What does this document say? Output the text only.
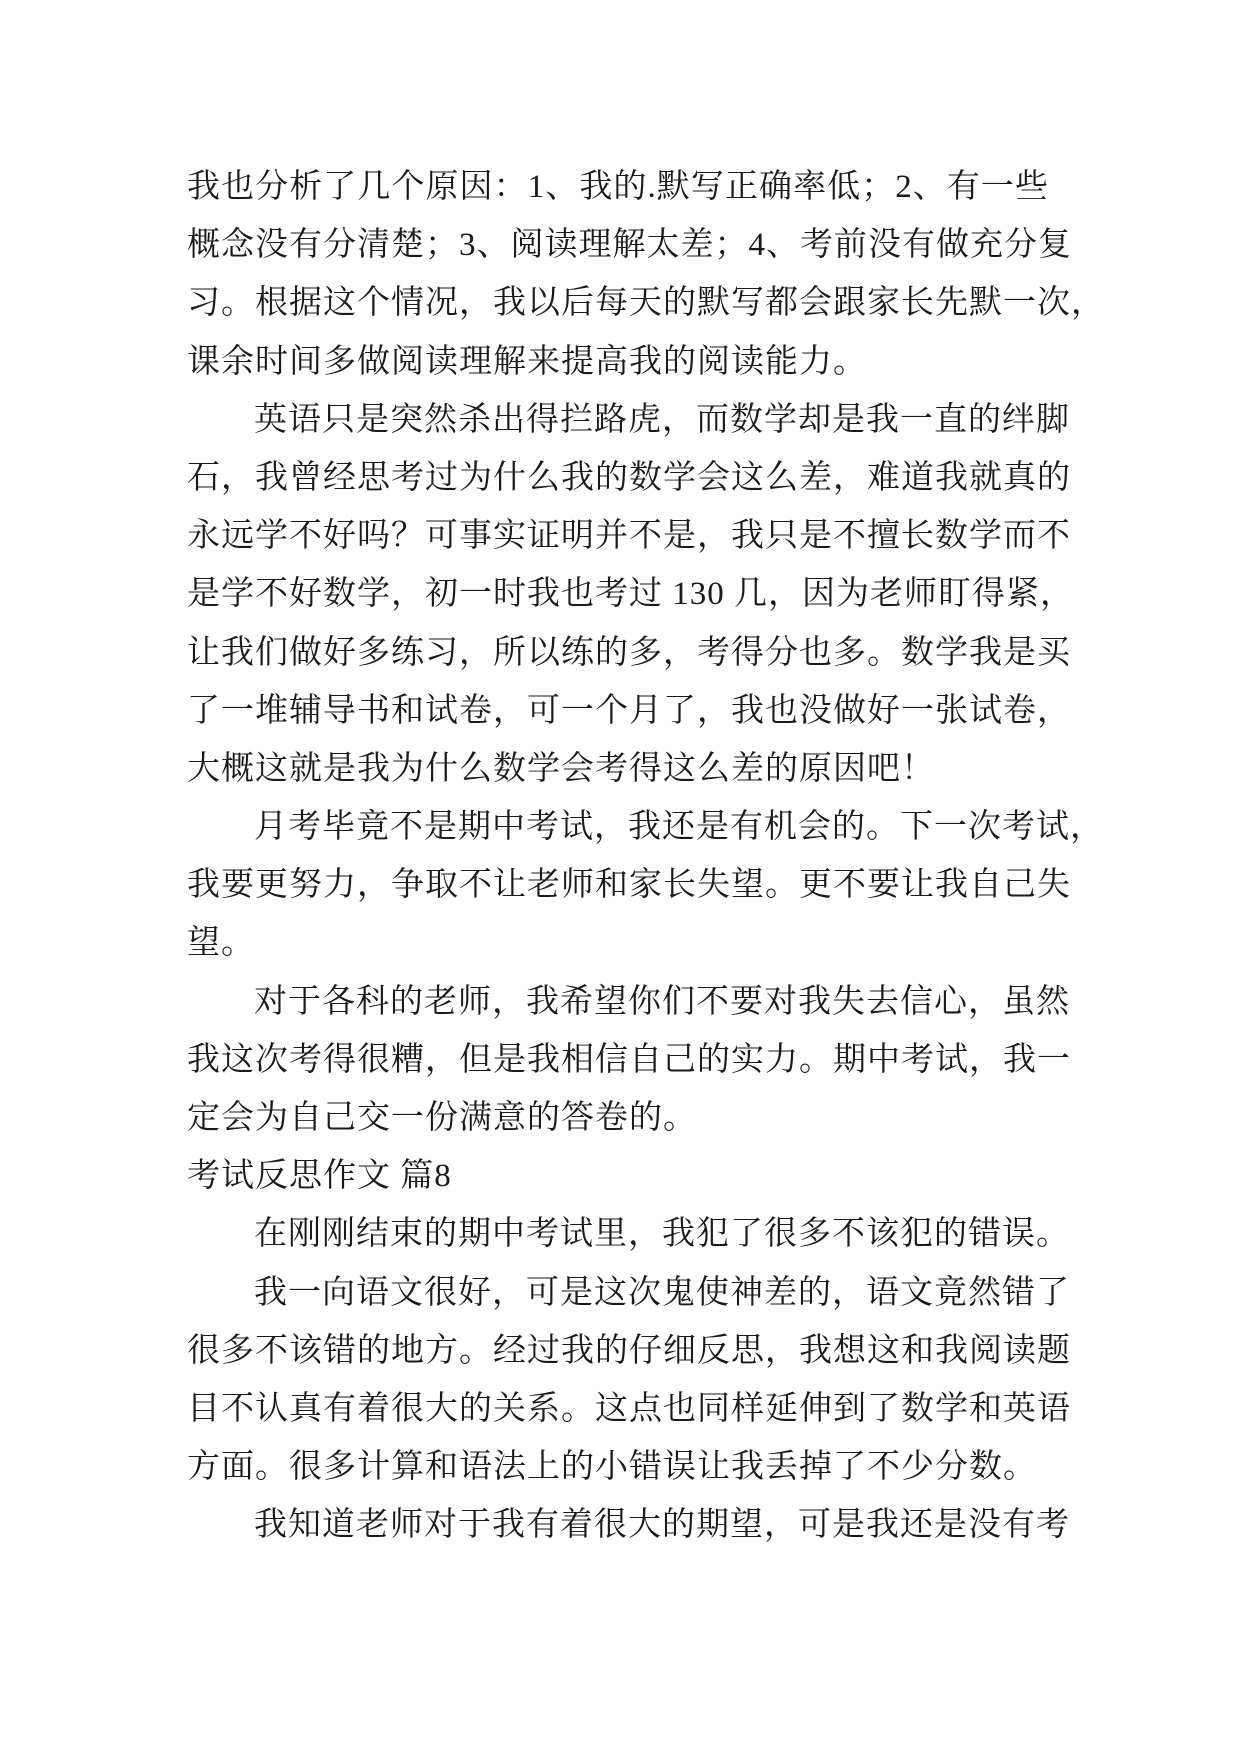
我也分析了几个原因：1、我的.默写正确率低；2、有一些
概念没有分清楚；3、阅读理解太差；4、考前没有做充分复
习。根据这个情况，我以后每天的默写都会跟家长先默一次，
课余时间多做阅读理解来提高我的阅读能力。
英语只是突然杀出得拦路虎，而数学却是我一直的绊脚
石，我曾经思考过为什么我的数学会这么差，难道我就真的
永远学不好吗？可事实证明并不是，我只是不擅长数学而不
是学不好数学，初一时我也考过 130 几，因为老师盯得紧，
让我们做好多练习，所以练的多，考得分也多。数学我是买
了一堆辅导书和试卷，可一个月了，我也没做好一张试卷，
大概这就是我为什么数学会考得这么差的原因吧！
月考毕竟不是期中考试，我还是有机会的。下一次考试，
我要更努力，争取不让老师和家长失望。更不要让我自己失
望。
对于各科的老师，我希望你们不要对我失去信心，虽然
我这次考得很糟，但是我相信自己的实力。期中考试，我一
定会为自己交一份满意的答卷的。
考试反思作文 篇8
在刚刚结束的期中考试里，我犯了很多不该犯的错误。
我一向语文很好，可是这次鬼使神差的，语文竟然错了
很多不该错的地方。经过我的仔细反思，我想这和我阅读题
目不认真有着很大的关系。这点也同样延伸到了数学和英语
方面。很多计算和语法上的小错误让我丢掉了不少分数。
我知道老师对于我有着很大的期望，可是我还是没有考
